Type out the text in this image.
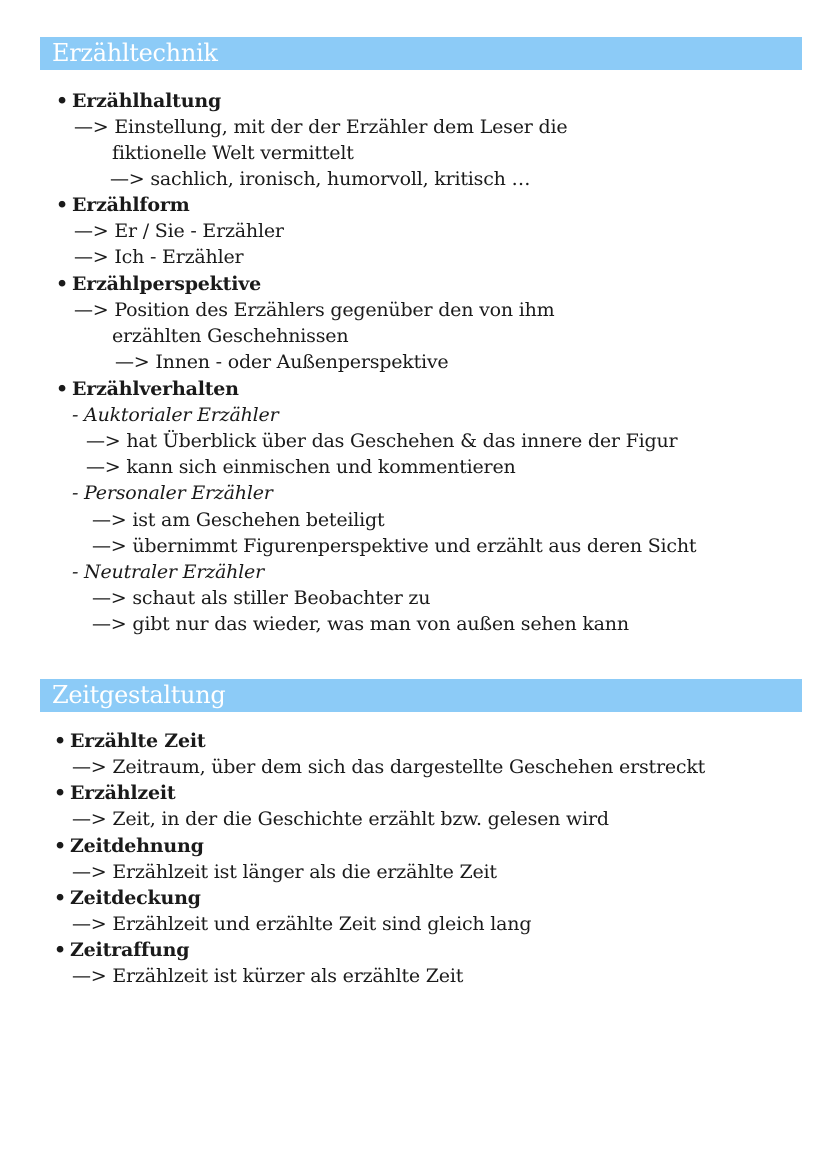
Erzähltechnik
• Erzählhaltung
—> Einstellung, mit der der Erzähler dem Leser die
fiktionelle Welt vermittelt
—> sachlich, ironisch, humorvoll, kritisch …
• Erzählform
—> Er / Sie - Erzähler
—> Ich - Erzähler
• Erzählperspektive
—> Position des Erzählers gegenüber den von ihm
erzählten Geschehnissen
—> Innen - oder Außenperspektive
• Erzählverhalten
- Auktorialer Erzähler
—> hat Überblick über das Geschehen & das innere der Figur
—> kann sich einmischen und kommentieren
- Personaler Erzähler
—> ist am Geschehen beteiligt
—> übernimmt Figurenperspektive und erzählt aus deren Sicht
- Neutraler Erzähler
—> schaut als stiller Beobachter zu
—> gibt nur das wieder, was man von außen sehen kann
Zeitgestaltung
• Erzählte Zeit
—> Zeitraum, über dem sich das dargestellte Geschehen erstreckt
• Erzählzeit
—> Zeit, in der die Geschichte erzählt bzw. gelesen wird
• Zeitdehnung
—> Erzählzeit ist länger als die erzählte Zeit
• Zeitdeckung
—> Erzählzeit und erzählte Zeit sind gleich lang
• Zeitraffung
—> Erzählzeit ist kürzer als erzählte Zeit
